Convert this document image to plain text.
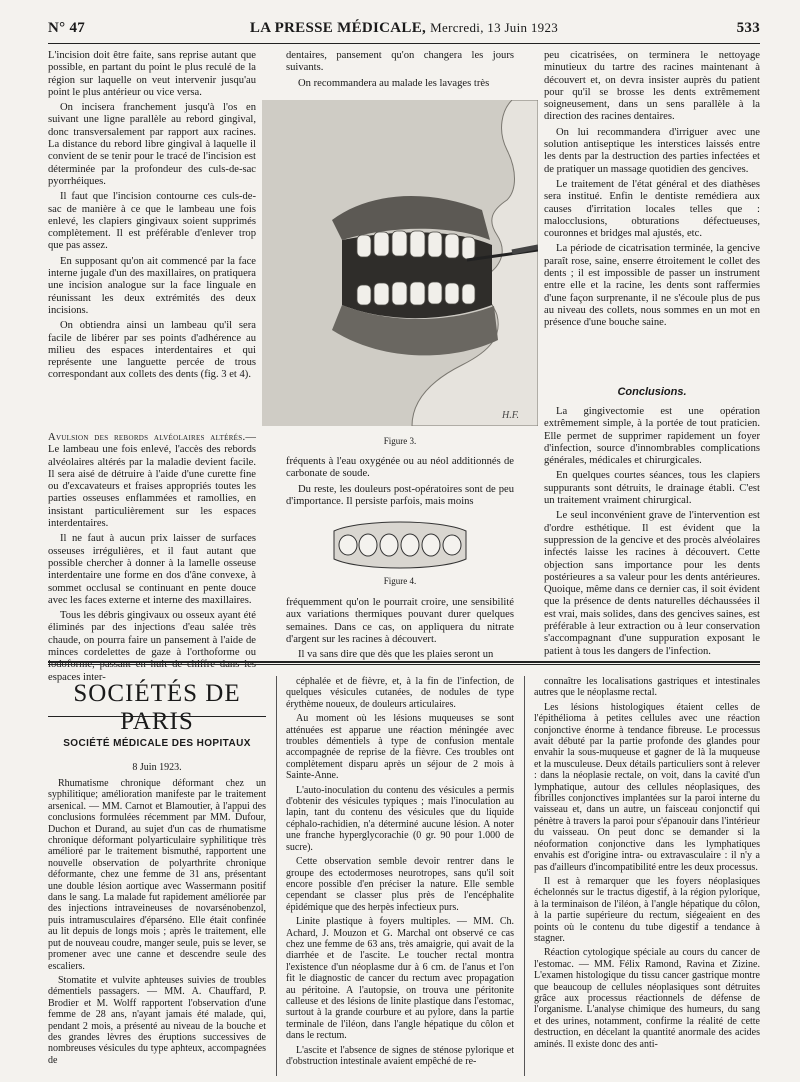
N° 47	LA PRESSE MÉDICALE, Mercredi, 13 Juin 1923	533

L'incision doit être faite, sans reprise autant que possible, en partant du point le plus reculé de la région sur laquelle on veut intervenir jusqu'au point le plus antérieur ou vice versa.

On incisera franchement jusqu'à l'os en suivant une ligne parallèle au rebord gingival, donc transversalement par rapport aux racines. La distance du rebord libre gingival à laquelle il convient de se tenir pour le tracé de l'incision est déterminée par la profondeur des culs-de-sac pyorrhéiques.

Il faut que l'incision contourne ces culs-de-sac de manière à ce que le lambeau une fois enlevé, les clapiers gingivaux soient supprimés complètement. Il est préférable d'enlever trop que pas assez.

En supposant qu'on ait commencé par la face interne jugale d'un des maxillaires, on pratiquera une incision analogue sur la face linguale en réunissant les deux extrémités des deux incisions.

On obtiendra ainsi un lambeau qu'il sera facile de libérer par ses points d'adhérence au milieu des espaces interdentaires et qui représente une languette percée de trous correspondant aux collets des dents (fig. 3 et 4).

Avulsion des rebords alvéolaires altérés.— Le lambeau une fois enlevé, l'accès des rebords alvéolaires altérés par la maladie devient facile. Il sera aisé de détruire à l'aide d'une curette fine ou d'excavateurs et fraises appropriés toutes les parties osseuses enflammées et ramollies, en insistant particulièrement sur les espaces interdentaires.

Il ne faut à aucun prix laisser de surfaces osseuses irrégulières, et il faut autant que possible chercher à donner à la lamelle osseuse interdentaire une forme en dos d'âne convexe, à sommet occlusal se continuant en pente douce avec les faces externe et interne des maxillaires.

Tous les débris gingivaux ou osseux ayant été éliminés par des injections d'eau salée très chaude, on pourra faire un pansement à l'aide de minces cordelettes de gaze à l'orthoforme ou iodoforme, passant en huit de chiffre dans les espaces inter-

dentaires, pansement qu'on changera les jours suivants.

On recommandera au malade les lavages très

H.F.
Figure 3.

fréquents à l'eau oxygénée ou au néol additionnés de carbonate de soude.

Du reste, les douleurs post-opératoires sont de peu d'importance. Il persiste parfois, mais moins

Figure 4.

fréquemment qu'on le pourrait croire, une sensibilité aux variations thermiques pouvant durer quelques semaines. Dans ce cas, on appliquera du nitrate d'argent sur les racines à découvert.

Il va sans dire que dès que les plaies seront un

peu cicatrisées, on terminera le nettoyage minutieux du tartre des racines maintenant à découvert et, on devra insister auprès du patient pour qu'il se brosse les dents extrêmement soigneusement, dans un sens parallèle à la direction des racines dentaires.

On lui recommandera d'irriguer avec une solution antiseptique les interstices laissés entre les dents par la destruction des parties infectées et de pratiquer un massage quotidien des gencives.

Le traitement de l'état général et des diathèses sera institué. Enfin le dentiste remédiera aux causes d'irritation locales telles que : malocclusions, obturations défectueuses, couronnes et bridges mal ajustés, etc.

La période de cicatrisation terminée, la gencive paraît rose, saine, enserre étroitement le collet des dents ; il est impossible de passer un instrument entre elle et la racine, les dents sont raffermies d'une façon surprenante, il ne s'écoule plus de pus au niveau des collets, nous sommes en un mot en présence d'une bouche saine.

Conclusions.

La gingivectomie est une opération extrêmement simple, à la portée de tout praticien. Elle permet de supprimer rapidement un foyer d'infection, source d'innombrables complications générales, médicales et chirurgicales.

En quelques courtes séances, tous les clapiers suppurants sont détruits, le drainage établi. C'est un traitement vraiment chirurgical.

Le seul inconvénient grave de l'intervention est d'ordre esthétique. Il est évident que la suppression de la gencive et des procès alvéolaires infectés laisse les racines à découvert. Cette objection sans importance pour les dents postérieures a sa valeur pour les dents antérieures. Quoique, même dans ce dernier cas, il soit évident que la présence de dents naturelles déchaussées il est vrai, mais solides, dans des gencives saines, est préférable à leur extraction ou à leur conservation s'accompagnant d'une suppuration exposant le patient à tous les dangers de l'infection.

SOCIÉTÉS DE PARIS
SOCIÉTÉ MÉDICALE DES HOPITAUX
8 Juin 1923.

Rhumatisme chronique déformant chez un syphilitique; amélioration manifeste par le traitement arsenical. — MM. Carnot et Blamoutier, à l'appui des conclusions formulées récemment par MM. Dufour, Duchon et Durand, au sujet d'un cas de rhumatisme chronique déformant polyarticulaire syphilitique très amélioré par le traitement bismuthé, rapportent une nouvelle observation de polyarthrite chronique déformante, chez une femme de 31 ans, présentant une double lésion aortique avec Wassermann positif dans le sang. La malade fut rapidement améliorée par des injections intraveineuses de novarsénobenzol, puis intramusculaires d'éparséno. Elle était confinée au lit depuis de longs mois ; après le traitement, elle put de nouveau coudre, manger seule, puis se lever, se promener avec une canne et descendre seule des escaliers.

Stomatite et vulvite aphteuses suivies de troubles démentiels passagers. — MM. A. Chauffard, P. Brodier et M. Wolff rapportent l'observation d'une femme de 28 ans, n'ayant jamais été malade, qui, pendant 2 mois, a présenté au niveau de la bouche et des grandes lèvres des éruptions successives de nombreuses vésicules du type aphteux, accompagnées de

céphalée et de fièvre, et, à la fin de l'infection, de quelques vésicules cutanées, de nodules de type érythème noueux, de douleurs articulaires.

Au moment où les lésions muqueuses se sont atténuées est apparue une réaction méningée avec troubles démentiels à type de confusion mentale accompagnée de reprise de la fièvre. Ces troubles ont complètement disparu après un séjour de 2 mois à Sainte-Anne.

L'auto-inoculation du contenu des vésicules a permis d'obtenir des vésicules typiques ; mais l'inoculation au lapin, tant du contenu des vésicules que du liquide céphalo-rachidien, n'a déterminé aucune lésion. A noter une franche hyperglycorachie (0 gr. 90 pour 1.000 de sucre).

Cette observation semble devoir rentrer dans le groupe des ectodermoses neurotropes, sans qu'il soit encore possible d'en préciser la nature. Elle semble cependant se classer plus près de l'encéphalite épidémique que des herpès infectieux purs.

Linite plastique à foyers multiples. — MM. Ch. Achard, J. Mouzon et G. Marchal ont observé ce cas chez une femme de 63 ans, très amaigrie, qui avait de la diarrhée et de l'ascite. Le toucher rectal montra l'existence d'un néoplasme dur à 6 cm. de l'anus et l'on fit le diagnostic de cancer du rectum avec propagation au péritoine. A l'autopsie, on trouva une péritonite calleuse et des lésions de linite plastique dans l'estomac, surtout à la grande courbure et au pylore, dans la partie terminale de l'iléon, dans l'angle hépatique du côlon et dans le rectum.

L'ascite et l'absence de signes de sténose pylorique et d'obstruction intestinale avaient empêché de re-

connaître les localisations gastriques et intestinales autres que le néoplasme rectal.

Les lésions histologiques étaient celles de l'épithélioma à petites cellules avec une réaction conjonctive énorme à tendance fibreuse. Le processus avait débuté par la partie profonde des glandes pour envahir la sous-muqueuse et gagner de là la muqueuse et la musculeuse. Deux détails particuliers sont à relever : dans la néoplasie rectale, on voit, dans la cavité d'un lymphatique, autour des cellules néoplasiques, des fibrilles conjonctives implantées sur la paroi interne du vaisseau et, dans un autre, un faisceau conjonctif qui pénètre à travers la paroi pour s'épanouir dans l'intérieur du vaisseau. On peut donc se demander si la néoformation conjonctive dans les lymphatiques envahis est d'origine intra- ou extravasculaire : il n'y a pas d'ailleurs d'incompatibilité entre les deux processus.

Il est à remarquer que les foyers néoplasiques échelonnés sur le tractus digestif, à la région pylorique, à la terminaison de l'iléon, à l'angle hépatique du côlon, à la partie supérieure du rectum, siégeaient en des points où le contenu du tube digestif a tendance à stagner.

Réaction cytologique spéciale au cours du cancer de l'estomac. — MM. Félix Ramond, Ravina et Zizine. L'examen histologique du tissu cancer gastrique montre que beaucoup de cellules néoplasiques sont détruites grâce aux processus réactionnels de défense de l'organisme. L'analyse chimique des humeurs, du sang et des urines, notamment, confirme la réalité de cette destruction, en décelant la quantité anormale des acides aminés. Il existe donc des anti-
